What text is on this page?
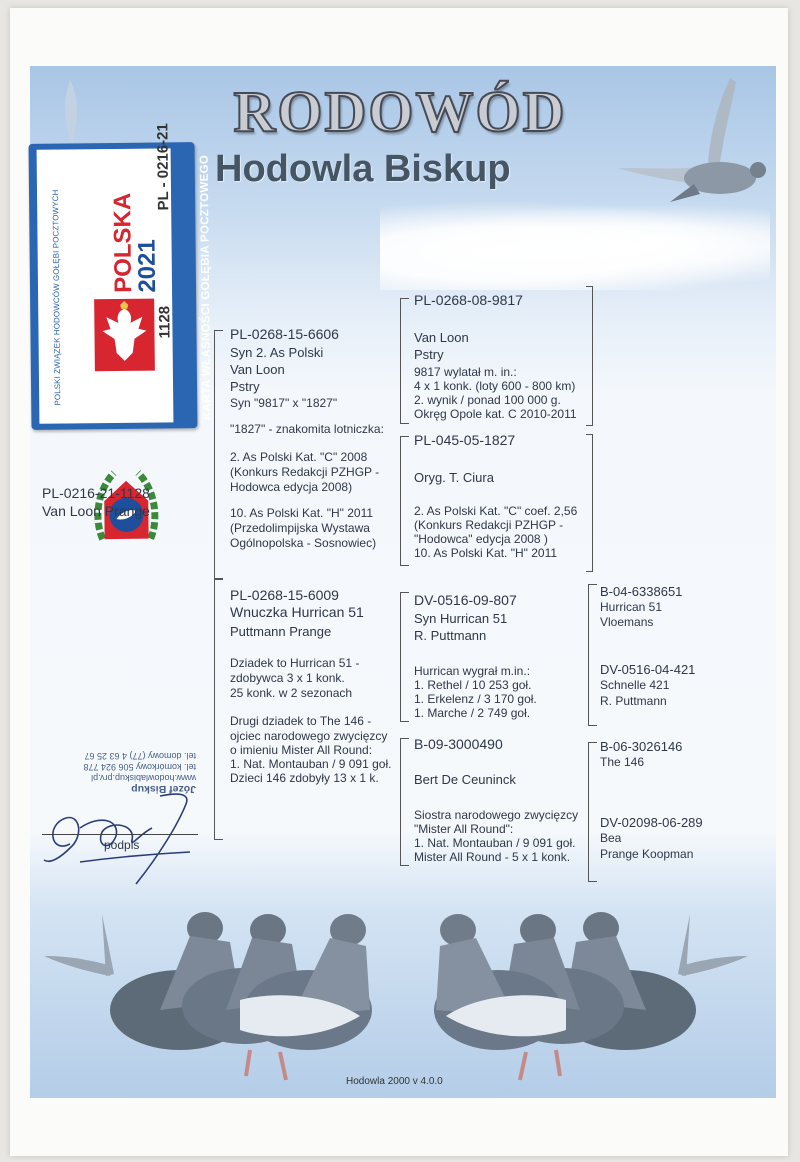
RODOWÓD
Hodowla Biskup
POLSKA
2021
POLSKI ZWIĄZEK HODOWCÓW GOŁĘBI POCZTOWYCH	1128
PL - 0216-21 KARTA WŁASNOŚCI GOŁĘBIA POCZTOWEGO
PL-0216-21-1128
Van Loon Prange
PL-0268-15-6606
Syn 2. As Polski
Van Loon
Pstry
Syn "9817" x "1827"
"1827" - znakomita lotniczka:
2. As Polski Kat. "C" 2008
(Konkurs Redakcji PZHGP -
Hodowca edycja 2008)
10. As Polski Kat. "H" 2011
(Przedolimpijska Wystawa
Ogólnopolska - Sosnowiec)
PL-0268-15-6009
Wnuczka Hurrican 51
Puttmann Prange
Dziadek to Hurrican 51 -
zdobywca 3 x 1 konk.
25 konk. w 2 sezonach
Drugi dziadek to The 146 -
ojciec narodowego zwycięzcy
o imieniu Mister All Round:
1. Nat. Montauban / 9 091 goł.
Dzieci 146 zdobyły 13 x 1 k.
PL-0268-08-9817
Van Loon
Pstry
9817 wylatał m. in.:
4 x 1 konk. (loty 600 - 800 km)
2. wynik / ponad 100 000 g.
Okręg Opole kat. C 2010-2011
PL-045-05-1827
Oryg. T. Ciura
2. As Polski Kat. "C" coef. 2,56
(Konkurs Redakcji PZHGP -
"Hodowca" edycja 2008 )
10. As Polski Kat. "H" 2011
DV-0516-09-807
Syn Hurrican 51
R. Puttmann
Hurrican wygrał m.in.:
1. Rethel / 10 253 goł.
1. Erkelenz / 3 170 goł.
1. Marche / 2 749 goł.
B-09-3000490
Bert De Ceuninck
Siostra narodowego zwycięzcy
"Mister All Round":
1. Nat. Montauban / 9 091 goł.
Mister All Round - 5 x 1 konk.
B-04-6338651
Hurrican 51
Vloemans
DV-0516-04-421
Schnelle 421
R. Puttmann
B-06-3026146
The 146
DV-02098-06-289
Bea
Prange Koopman
Józef Biskup
www.hodowlabiskup.prv.pl
tel. komórkowy 506 924 778
tel. domowy (77) 4 63 25 67
podpis
Hodowla 2000 v 4.0.0
